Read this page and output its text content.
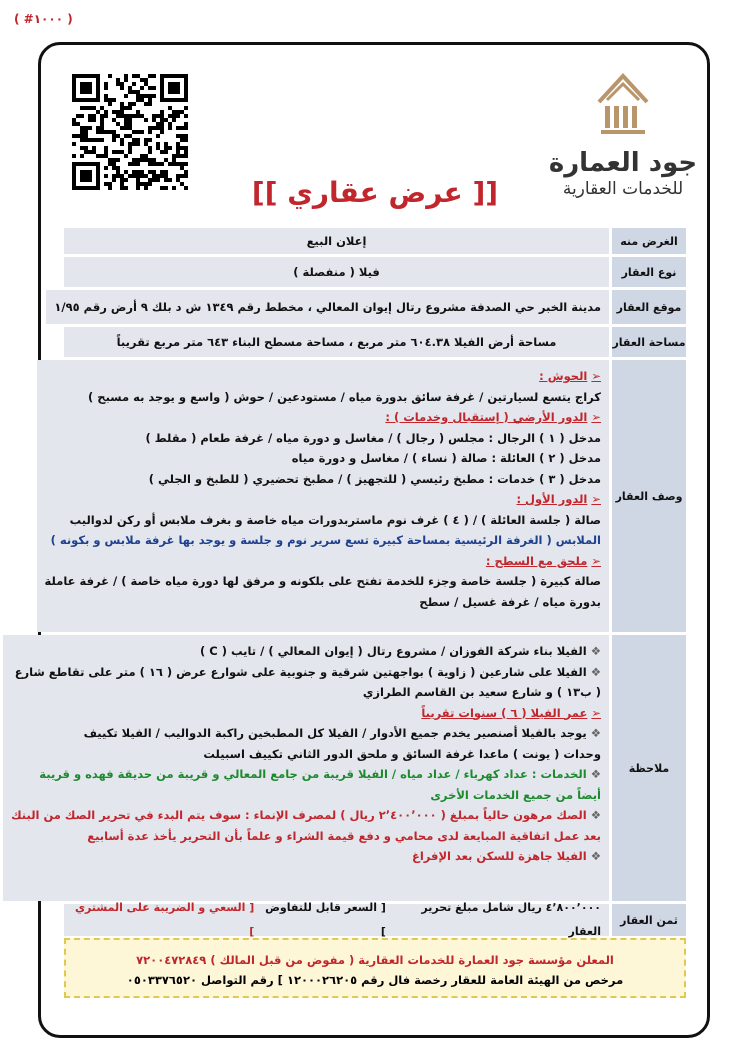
( #١٠٠٠ )
جود العمارة
للخدمات العقارية
[[ عرض عقاري ]]
الغرض منه
إعلان البيع
نوع العقار
فيلا ( منفصلة )
موقع العقار
مدينة الخبر حي الصدفة مشروع رتال إيوان المعالي ، مخطط رقم ١٣٤٩ ش د بلك ٩ أرض رقم ١/٩٥
مساحة العقار
مساحة أرض الفيلا ٦٠٤.٣٨ متر مربع ، مساحة مسطح البناء ٦٤٣ متر مربع تقريباً
وصف العقار
➢الحوش :
كراج يتسع لسيارتين / غرفة سائق بدورة مياه / مستودعين / حوش ( واسع و يوجد به مسبح )
➢الدور الأرضي ( إستقبال وخدمات ) :
مدخل ( ١ ) الرجال : مجلس ( رجال ) / مغاسل و دورة مياه / غرفة طعام ( مقلط )
مدخل ( ٢ ) العائلة : صالة ( نساء ) / مغاسل و دورة مياه
مدخل ( ٣ ) خدمات : مطبخ رئيسي ( للتجهيز ) / مطبخ تحضيري ( للطبخ و الجلي )
➢الدور الأول :
صالة ( جلسة العائلة ) / ( ٤ ) غرف نوم ماستربدورات مياه خاصة و بغرف ملابس أو ركن لدواليب
الملابس ( الغرفة الرئيسية بمساحة كبيرة تسع سرير نوم و جلسة و يوجد بها غرفة ملابس و بكونه )
➢ملحق مع السطح :
صالة كبيرة ( جلسة خاصة وجزء للخدمة تفتح على بلكونه و مرفق لها دورة مياه خاصة ) / غرفة عاملة
بدورة مياه / غرفة غسيل / سطح
ملاحظة
❖الفيلا بناء شركة الفوزان / مشروع رتال ( إيوان المعالي ) / تايب ( C )
❖الفيلا على شارعين ( زاوية ) بواجهتين شرقية و جنوبية على شوارع عرض ( ١٦ ) متر على تقاطع شارع
( ب١٣ ) و شارع سعيد بن القاسم الطرازي
➢عمر الفيلا ( ٦ ) سنوات تقريباً
❖يوجد بالفيلا أصنصير يخدم جميع الأدوار / الفيلا كل المطبخين راكبة الدواليب / الفيلا تكييف
وحدات ( يونت ) ماعدا غرفة السائق و ملحق الدور الثاني تكييف اسبيلت
❖الخدمات : عداد كهرباء / عداد مياه / الفيلا قريبة من جامع المعالي و قريبة من حديقة فهده و قريبة
أيضاً من جميع الخدمات الأخرى
❖الصك مرهون حالياً بمبلغ ( ٢٬٤٠٠٬٠٠٠ ريال ) لمصرف الإنماء : سوف يتم البدء في تحرير الصك من البنك
بعد عمل اتفاقية المبايعة لدى محامي و دفع قيمة الشراء و علماً بأن التحرير يأخذ عدة أسابيع
❖الفيلا جاهزة للسكن بعد الإفراغ
ثمن العقار
٤٬٨٠٠٬٠٠٠ ريال شامل مبلغ تحرير العقار
[ السعر قابل للتفاوض ]
[ السعي و الضريبة على المشتري ]
المعلن مؤسسة جود العمارة للخدمات العقارية ( مفوض من قبل المالك ) ٧٢٠٠٤٧٢٨٤٩
مرخص من الهيئة العامة للعقار رخصة فال رقم ١٢٠٠٠٢٦٢٠٥ ] رقم التواصل ٠٥٠٣٣٧٦٥٢٠
